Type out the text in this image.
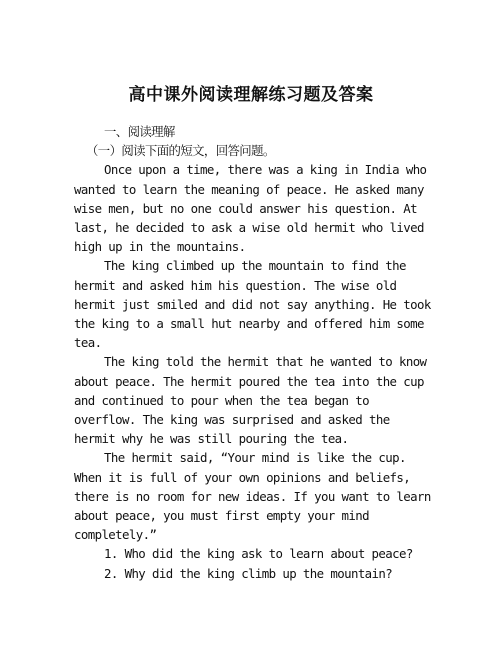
高中课外阅读理解练习题及答案

一、阅读理解

（一）阅读下面的短文，回答问题。

Once upon a time, there was a king in India who wanted to learn the meaning of peace. He asked many wise men, but no one could answer his question. At last, he decided to ask a wise old hermit who lived high up in the mountains.

The king climbed up the mountain to find the hermit and asked him his question. The wise old hermit just smiled and did not say anything. He took the king to a small hut nearby and offered him some tea.

The king told the hermit that he wanted to know about peace. The hermit poured the tea into the cup and continued to pour when the tea began to overflow. The king was surprised and asked the hermit why he was still pouring the tea.

The hermit said, “Your mind is like the cup. When it is full of your own opinions and beliefs, there is no room for new ideas. If you want to learn about peace, you must first empty your mind completely.”

1. Who did the king ask to learn about peace?

2. Why did the king climb up the mountain?
